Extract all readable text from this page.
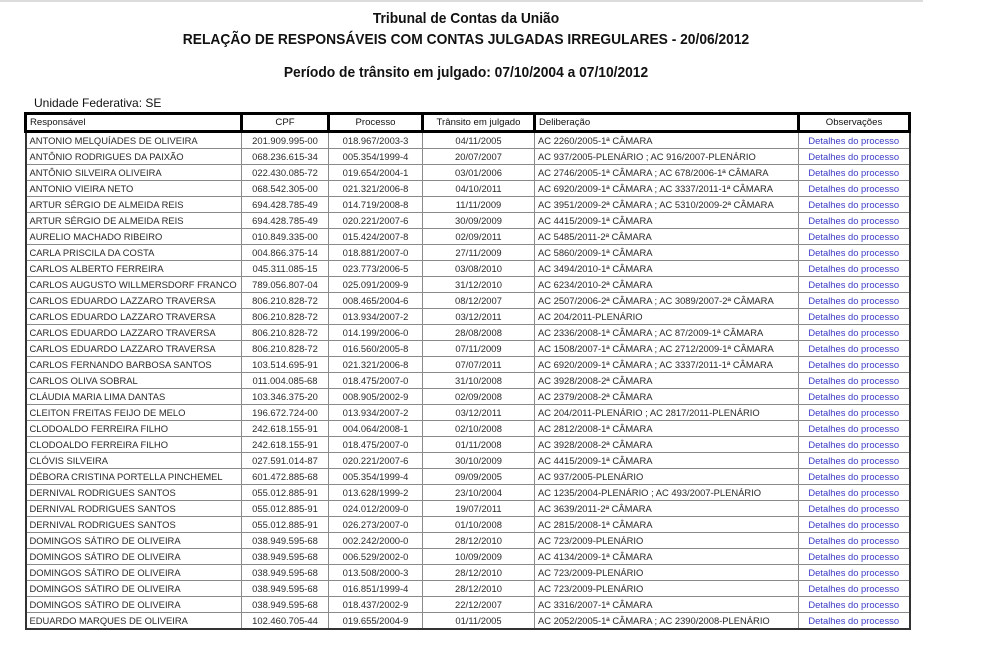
Tribunal de Contas da União
RELAÇÃO DE RESPONSÁVEIS COM CONTAS JULGADAS IRREGULARES - 20/06/2012
Período de trânsito em julgado: 07/10/2004 a 07/10/2012
Unidade Federativa: SE
Responsável	CPF	Processo	Trânsito em julgado	Deliberação	Observações
ANTONIO MELQUÍADES DE OLIVEIRA	201.909.995-00	018.967/2003-3	04/11/2005	AC 2260/2005-1ª CÂMARA	Detalhes do processo
ANTÔNIO RODRIGUES DA PAIXÃO	068.236.615-34	005.354/1999-4	20/07/2007	AC 937/2005-PLENÁRIO ; AC 916/2007-PLENÁRIO	Detalhes do processo
ANTÔNIO SILVEIRA OLIVEIRA	022.430.085-72	019.654/2004-1	03/01/2006	AC 2746/2005-1ª CÂMARA ; AC 678/2006-1ª CÂMARA	Detalhes do processo
ANTONIO VIEIRA NETO	068.542.305-00	021.321/2006-8	04/10/2011	AC 6920/2009-1ª CÂMARA ; AC 3337/2011-1ª CÂMARA	Detalhes do processo
ARTUR SÉRGIO DE ALMEIDA REIS	694.428.785-49	014.719/2008-8	11/11/2009	AC 3951/2009-2ª CÂMARA ; AC 5310/2009-2ª CÂMARA	Detalhes do processo
ARTUR SÉRGIO DE ALMEIDA REIS	694.428.785-49	020.221/2007-6	30/09/2009	AC 4415/2009-1ª CÂMARA	Detalhes do processo
AURELIO MACHADO RIBEIRO	010.849.335-00	015.424/2007-8	02/09/2011	AC 5485/2011-2ª CÂMARA	Detalhes do processo
CARLA PRISCILA DA COSTA	004.866.375-14	018.881/2007-0	27/11/2009	AC 5860/2009-1ª CÂMARA	Detalhes do processo
CARLOS ALBERTO FERREIRA	045.311.085-15	023.773/2006-5	03/08/2010	AC 3494/2010-1ª CÂMARA	Detalhes do processo
CARLOS AUGUSTO WILLMERSDORF FRANCO	789.056.807-04	025.091/2009-9	31/12/2010	AC 6234/2010-2ª CÂMARA	Detalhes do processo
CARLOS EDUARDO LAZZARO TRAVERSA	806.210.828-72	008.465/2004-6	08/12/2007	AC 2507/2006-2ª CÂMARA ; AC 3089/2007-2ª CÂMARA	Detalhes do processo
CARLOS EDUARDO LAZZARO TRAVERSA	806.210.828-72	013.934/2007-2	03/12/2011	AC 204/2011-PLENÁRIO	Detalhes do processo
CARLOS EDUARDO LAZZARO TRAVERSA	806.210.828-72	014.199/2006-0	28/08/2008	AC 2336/2008-1ª CÂMARA ; AC 87/2009-1ª CÂMARA	Detalhes do processo
CARLOS EDUARDO LAZZARO TRAVERSA	806.210.828-72	016.560/2005-8	07/11/2009	AC 1508/2007-1ª CÂMARA ; AC 2712/2009-1ª CÂMARA	Detalhes do processo
CARLOS FERNANDO BARBOSA SANTOS	103.514.695-91	021.321/2006-8	07/07/2011	AC 6920/2009-1ª CÂMARA ; AC 3337/2011-1ª CÂMARA	Detalhes do processo
CARLOS OLIVA SOBRAL	011.004.085-68	018.475/2007-0	31/10/2008	AC 3928/2008-2ª CÂMARA	Detalhes do processo
CLÁUDIA MARIA LIMA DANTAS	103.346.375-20	008.905/2002-9	02/09/2008	AC 2379/2008-2ª CÂMARA	Detalhes do processo
CLEITON FREITAS FEIJO DE MELO	196.672.724-00	013.934/2007-2	03/12/2011	AC 204/2011-PLENÁRIO ; AC 2817/2011-PLENÁRIO	Detalhes do processo
CLODOALDO FERREIRA FILHO	242.618.155-91	004.064/2008-1	02/10/2008	AC 2812/2008-1ª CÂMARA	Detalhes do processo
CLODOALDO FERREIRA FILHO	242.618.155-91	018.475/2007-0	01/11/2008	AC 3928/2008-2ª CÂMARA	Detalhes do processo
CLÓVIS SILVEIRA	027.591.014-87	020.221/2007-6	30/10/2009	AC 4415/2009-1ª CÂMARA	Detalhes do processo
DÉBORA CRISTINA PORTELLA PINCHEMEL	601.472.885-68	005.354/1999-4	09/09/2005	AC 937/2005-PLENÁRIO	Detalhes do processo
DERNIVAL RODRIGUES SANTOS	055.012.885-91	013.628/1999-2	23/10/2004	AC 1235/2004-PLENÁRIO ; AC 493/2007-PLENÁRIO	Detalhes do processo
DERNIVAL RODRIGUES SANTOS	055.012.885-91	024.012/2009-0	19/07/2011	AC 3639/2011-2ª CÂMARA	Detalhes do processo
DERNIVAL RODRIGUES SANTOS	055.012.885-91	026.273/2007-0	01/10/2008	AC 2815/2008-1ª CÂMARA	Detalhes do processo
DOMINGOS SÁTIRO DE OLIVEIRA	038.949.595-68	002.242/2000-0	28/12/2010	AC 723/2009-PLENÁRIO	Detalhes do processo
DOMINGOS SÁTIRO DE OLIVEIRA	038.949.595-68	006.529/2002-0	10/09/2009	AC 4134/2009-1ª CÂMARA	Detalhes do processo
DOMINGOS SÁTIRO DE OLIVEIRA	038.949.595-68	013.508/2000-3	28/12/2010	AC 723/2009-PLENÁRIO	Detalhes do processo
DOMINGOS SÁTIRO DE OLIVEIRA	038.949.595-68	016.851/1999-4	28/12/2010	AC 723/2009-PLENÁRIO	Detalhes do processo
DOMINGOS SÁTIRO DE OLIVEIRA	038.949.595-68	018.437/2002-9	22/12/2007	AC 3316/2007-1ª CÂMARA	Detalhes do processo
EDUARDO MARQUES DE OLIVEIRA	102.460.705-44	019.655/2004-9	01/11/2005	AC 2052/2005-1ª CÂMARA ; AC 2390/2008-PLENÁRIO	Detalhes do processo
